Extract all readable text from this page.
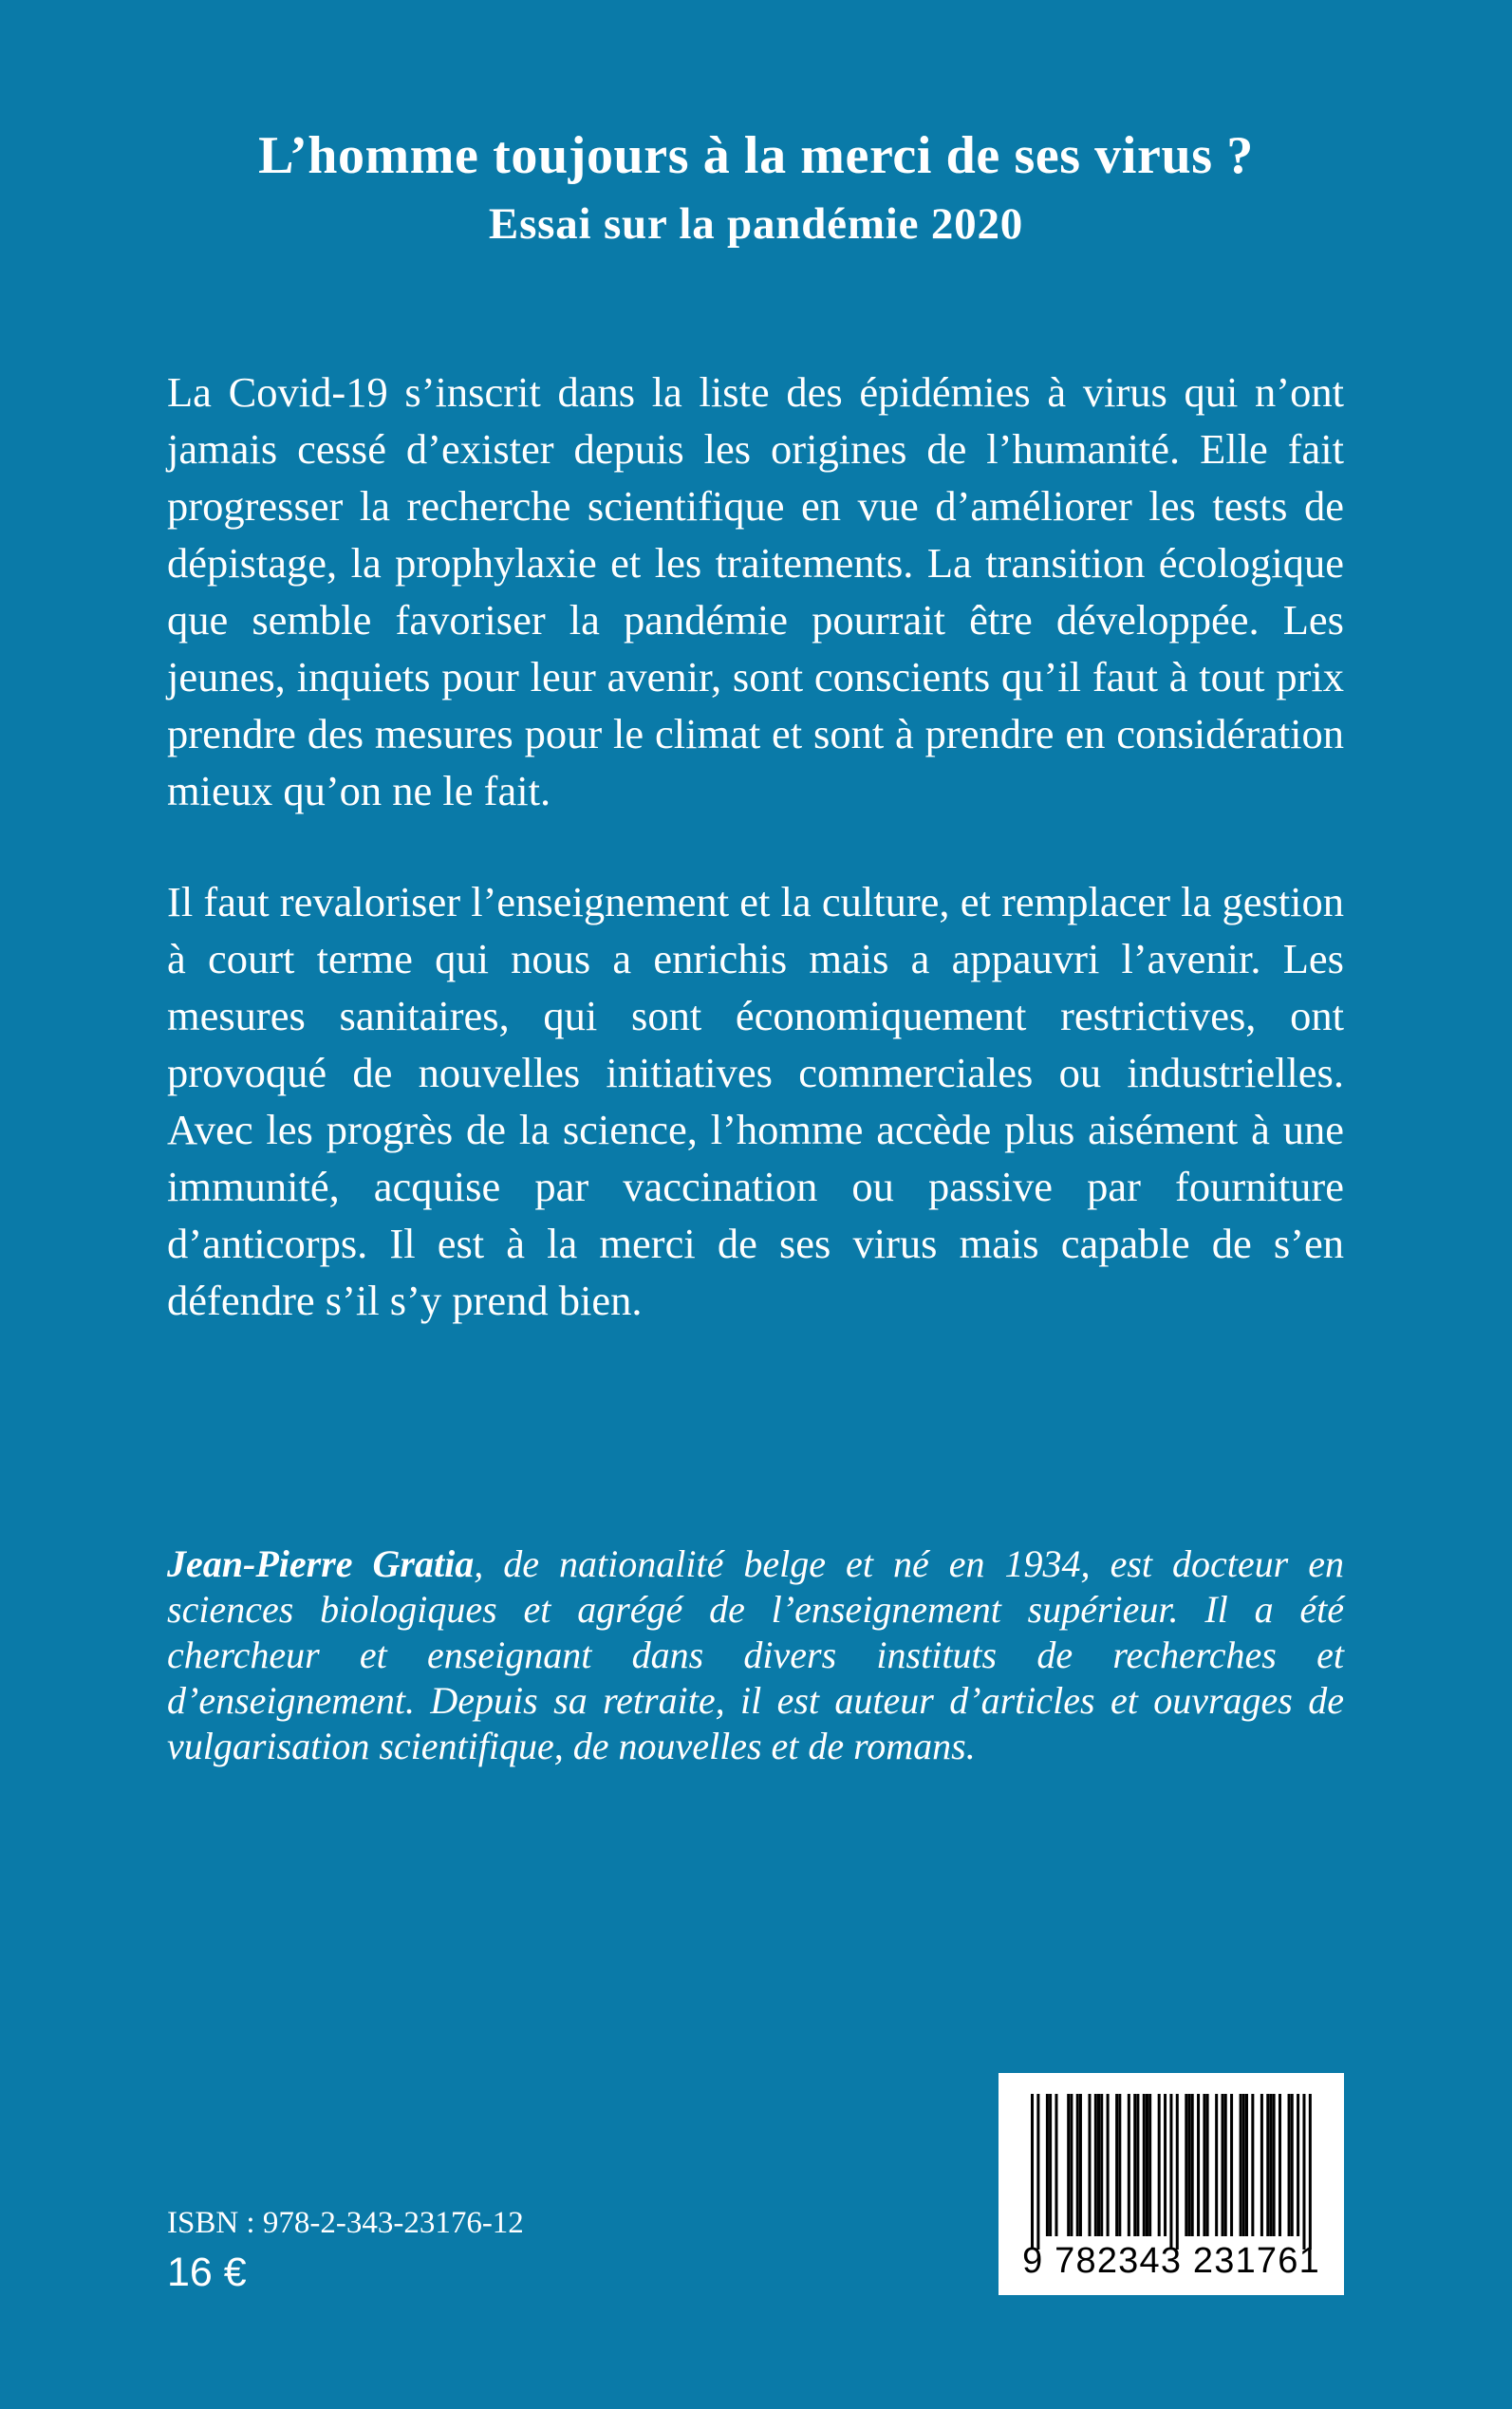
L’homme toujours à la merci de ses virus ?
Essai sur la pandémie 2020

La Covid-19 s’inscrit dans la liste des épidémies à virus qui n’ont jamais cessé d’exister depuis les origines de l’humanité. Elle fait progresser la recherche scientifique en vue d’améliorer les tests de dépistage, la prophylaxie et les traitements. La transition écologique que semble favoriser la pandémie pourrait être développée. Les jeunes, inquiets pour leur avenir, sont conscients qu’il faut à tout prix prendre des mesures pour le climat et sont à prendre en considération mieux qu’on ne le fait.

Il faut revaloriser l’enseignement et la culture, et remplacer la gestion à court terme qui nous a enrichis mais a appauvri l’avenir. Les mesures sanitaires, qui sont économiquement restrictives, ont provoqué de nouvelles initiatives commerciales ou industrielles. Avec les progrès de la science, l’homme accède plus aisément à une immunité, acquise par vaccination ou passive par fourniture d’anticorps. Il est à la merci de ses virus mais capable de s’en défendre s’il s’y prend bien.

Jean-Pierre Gratia, de nationalité belge et né en 1934, est docteur en sciences biologiques et agrégé de l’enseignement supérieur. Il a été chercheur et enseignant dans divers instituts de recherches et d’enseignement. Depuis sa retraite, il est auteur d’articles et ouvrages de vulgarisation scientifique, de nouvelles et de romans.

ISBN : 978-2-343-23176-12
16 €	9 782343 231761
